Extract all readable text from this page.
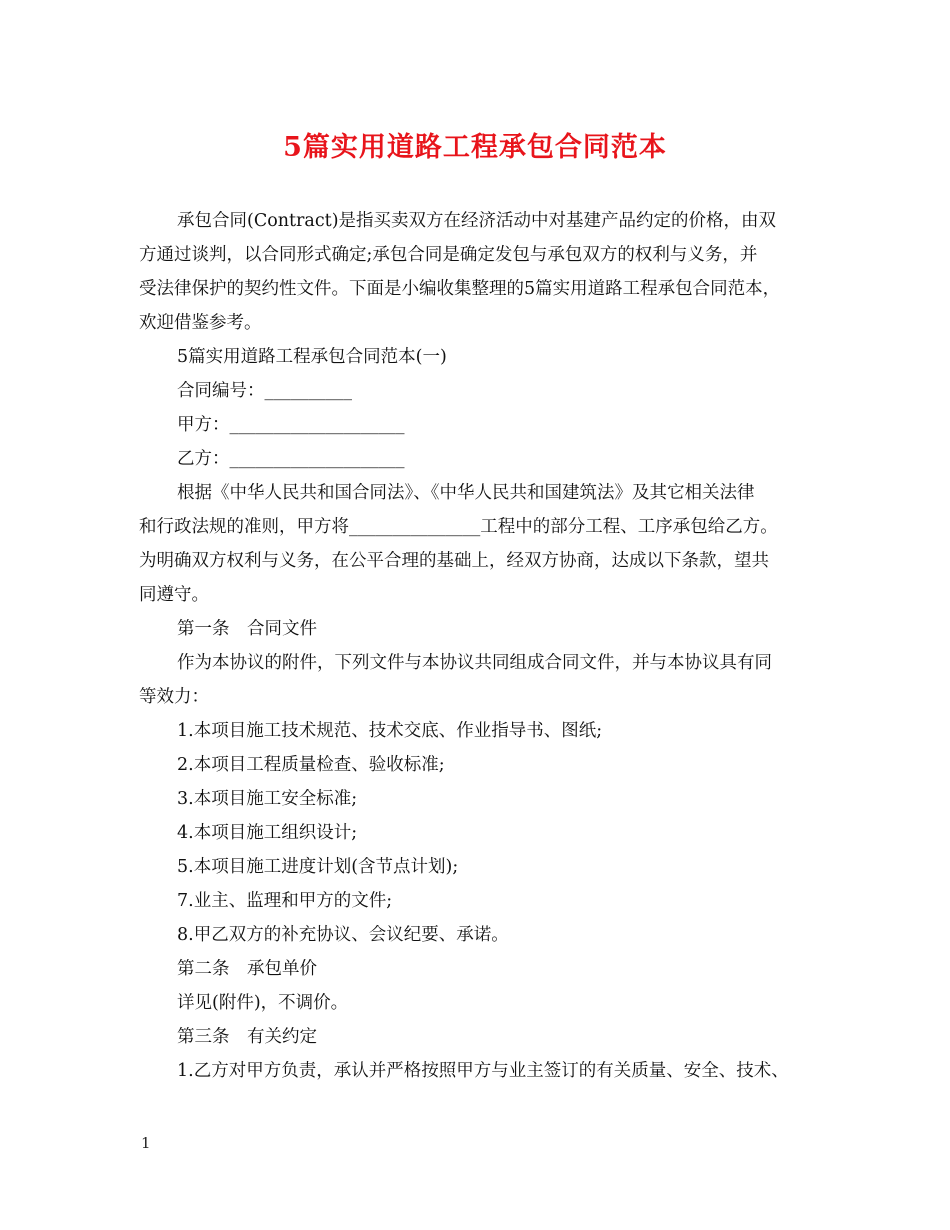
5篇实用道路工程承包合同范本

承包合同(Contract)是指买卖双方在经济活动中对基建产品约定的价格，由双

方通过谈判，以合同形式确定;承包合同是确定发包与承包双方的权利与义务，并

受法律保护的契约性文件。下面是小编收集整理的5篇实用道路工程承包合同范本，

欢迎借鉴参考。

5篇实用道路工程承包合同范本(一)

合同编号：__________

甲方：____________________

乙方：____________________

根据《中华人民共和国合同法》、《中华人民共和国建筑法》及其它相关法律

和行政法规的准则，甲方将_______________工程中的部分工程、工序承包给乙方。

为明确双方权利与义务，在公平合理的基础上，经双方协商，达成以下条款，望共

同遵守。

第一条　合同文件

作为本协议的附件，下列文件与本协议共同组成合同文件，并与本协议具有同

等效力：

1.本项目施工技术规范、技术交底、作业指导书、图纸;

2.本项目工程质量检查、验收标准;

3.本项目施工安全标准;

4.本项目施工组织设计;

5.本项目施工进度计划(含节点计划);

7.业主、监理和甲方的文件;

8.甲乙双方的补充协议、会议纪要、承诺。

第二条　承包单价

详见(附件)，不调价。

第三条　有关约定

1.乙方对甲方负责，承认并严格按照甲方与业主签订的有关质量、安全、技术、

1
